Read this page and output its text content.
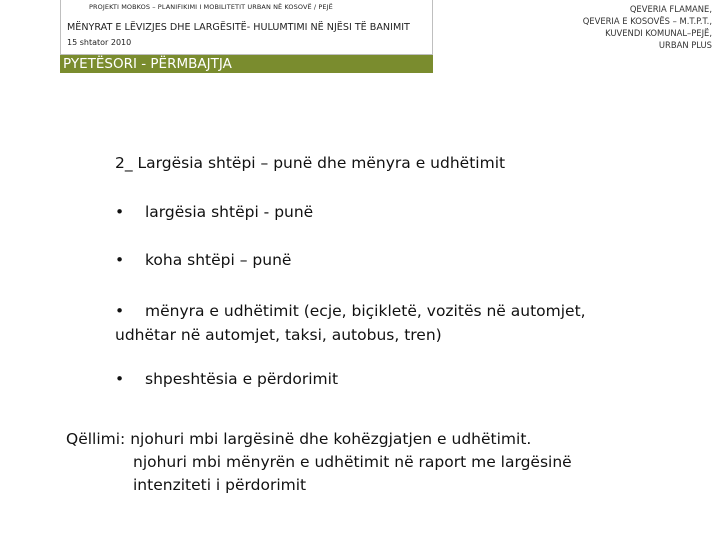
PROJEKTI MOBKOS – PLANIFIKIMI I MOBILITETIT URBAN NË KOSOVË / PEJË
MËNYRAT E LËVIZJES DHE LARGËSITË- HULUMTIMI NË NJËSI TË BANIMIT
15 shtator 2010
PYETËSORI - PËRMBAJTJA
QEVERIA FLAMANE,
QEVERIA E KOSOVËS – M.T.P.T.,
KUVENDI KOMUNAL–PEJË,
URBAN PLUS
2_ Largësia shtëpi – punë dhe mënyra e udhëtimit
• largësia shtëpi - punë
• koha shtëpi – punë
• mënyra e udhëtimit (ecje, biçikletë, vozitës në automjet,
udhëtar në automjet, taksi, autobus, tren)
• shpeshtësia e përdorimit
Qëllimi: njohuri mbi largësinë dhe kohëzgjatjen e udhëtimit.
njohuri mbi mënyrën e udhëtimit në raport me largësinë
intenziteti i përdorimit
